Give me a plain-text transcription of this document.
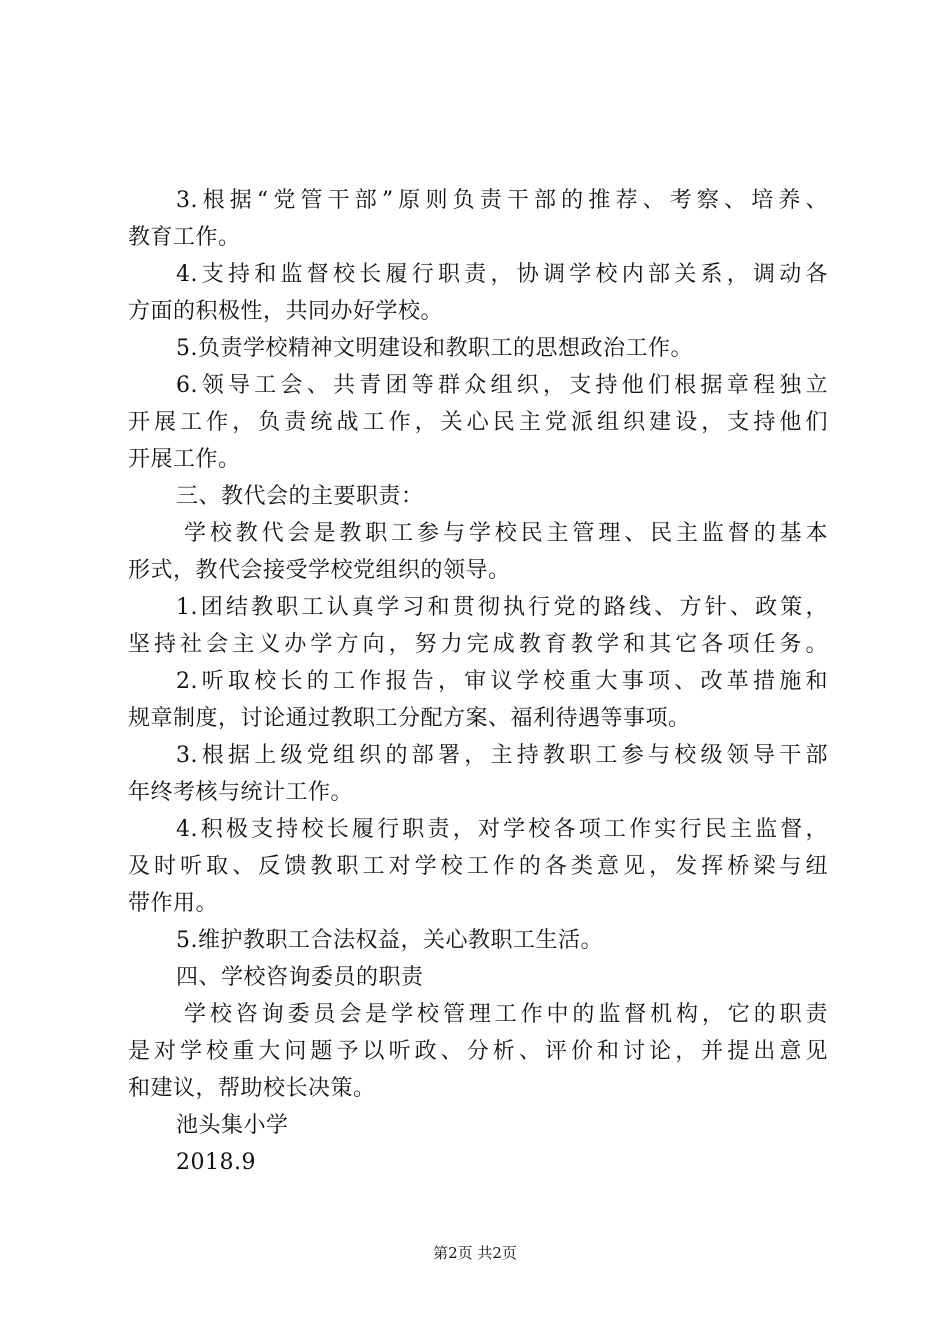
3.根据“党管干部”原则负责干部的推荐、考察、培养、
教育工作。
4.支持和监督校长履行职责，协调学校内部关系，调动各
方面的积极性，共同办好学校。
5.负责学校精神文明建设和教职工的思想政治工作。
6.领导工会、共青团等群众组织，支持他们根据章程独立
开展工作，负责统战工作，关心民主党派组织建设，支持他们
开展工作。
三、教代会的主要职责：
学校教代会是教职工参与学校民主管理、民主监督的基本
形式，教代会接受学校党组织的领导。
1.团结教职工认真学习和贯彻执行党的路线、方针、政策，
坚持社会主义办学方向，努力完成教育教学和其它各项任务。
2.听取校长的工作报告，审议学校重大事项、改革措施和
规章制度，讨论通过教职工分配方案、福利待遇等事项。
3.根据上级党组织的部署，主持教职工参与校级领导干部
年终考核与统计工作。
4.积极支持校长履行职责，对学校各项工作实行民主监督，
及时听取、反馈教职工对学校工作的各类意见，发挥桥梁与纽
带作用。
5.维护教职工合法权益，关心教职工生活。
四、学校咨询委员的职责
学校咨询委员会是学校管理工作中的监督机构，它的职责
是对学校重大问题予以听政、分析、评价和讨论，并提出意见
和建议，帮助校长决策。
池头集小学
2018.9
第2页 共2页
